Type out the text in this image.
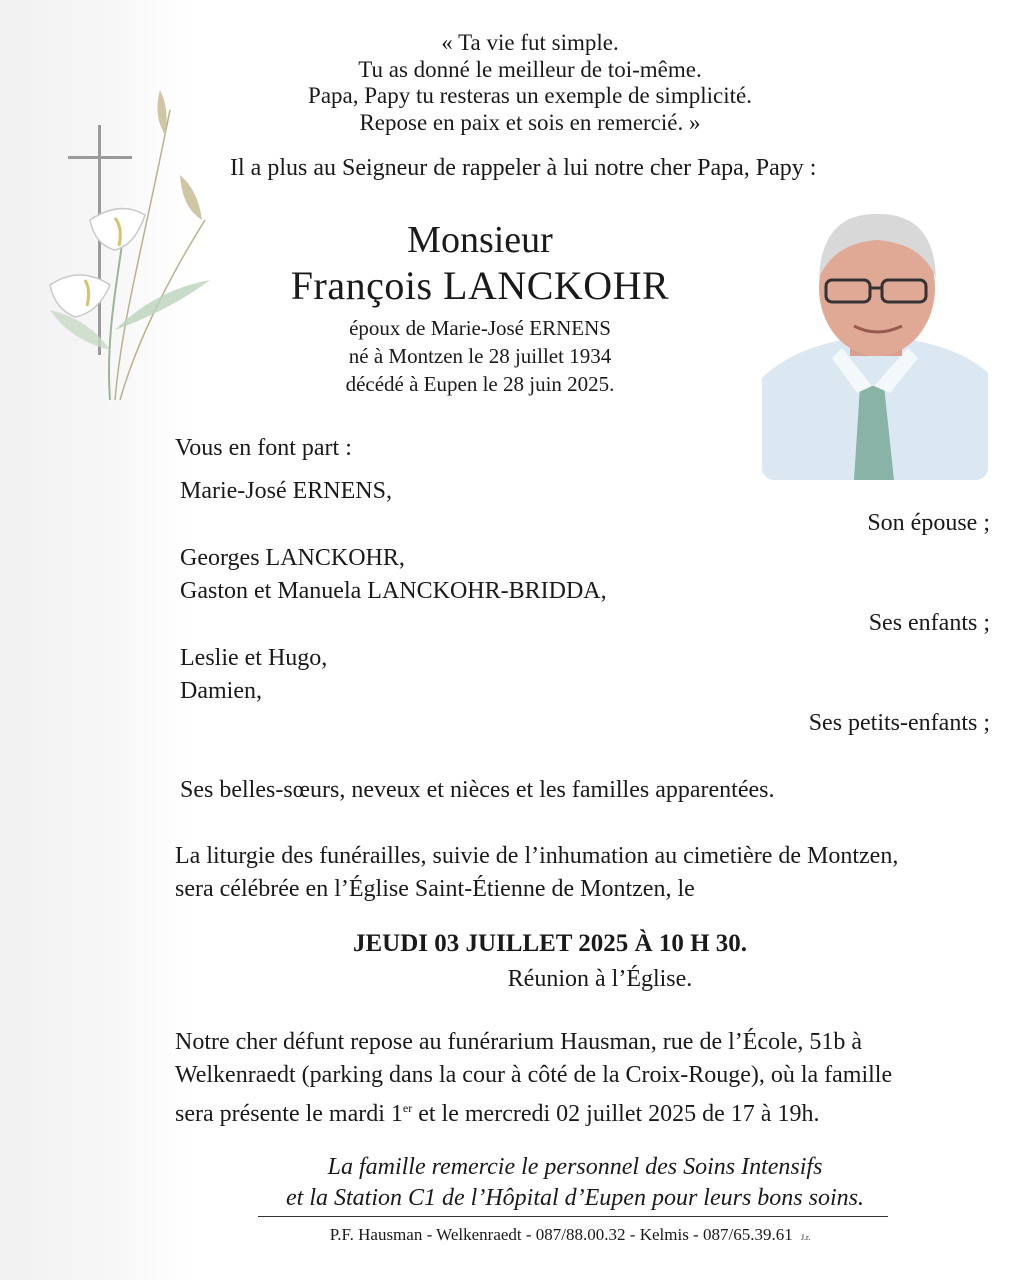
« Ta vie fut simple.
Tu as donné le meilleur de toi-même.
Papa, Papy tu resteras un exemple de simplicité.
Repose en paix et sois en remercié. »
Il a plus au Seigneur de rappeler à lui notre cher Papa, Papy :
Monsieur
François LANCKOHR
époux de Marie-José ERNENS
né à Montzen le 28 juillet 1934
décédé à Eupen le 28 juin 2025.
Vous en font part :
Marie-José ERNENS,
Son épouse ;
Georges LANCKOHR,
Gaston et Manuela LANCKOHR-BRIDDA,
Ses enfants ;
Leslie et Hugo,
Damien,
Ses petits-enfants ;
Ses belles-sœurs, neveux et nièces et les familles apparentées.
La liturgie des funérailles, suivie de l’inhumation au cimetière de Montzen,
sera célébrée en l’Église Saint-Étienne de Montzen, le
JEUDI 03 JUILLET 2025 À 10 H 30.
Réunion à l’Église.
Notre cher défunt repose au funérarium Hausman, rue de l’École, 51b à
Welkenraedt (parking dans la cour à côté de la Croix-Rouge), où la famille
sera présente le mardi 1er et le mercredi 02 juillet 2025 de 17 à 19h.
La famille remercie le personnel des Soins Intensifs
et la Station C1 de l’Hôpital d’Eupen pour leurs bons soins.
P.F. Hausman - Welkenraedt - 087/88.00.32 - Kelmis - 087/65.39.61 J.r.
